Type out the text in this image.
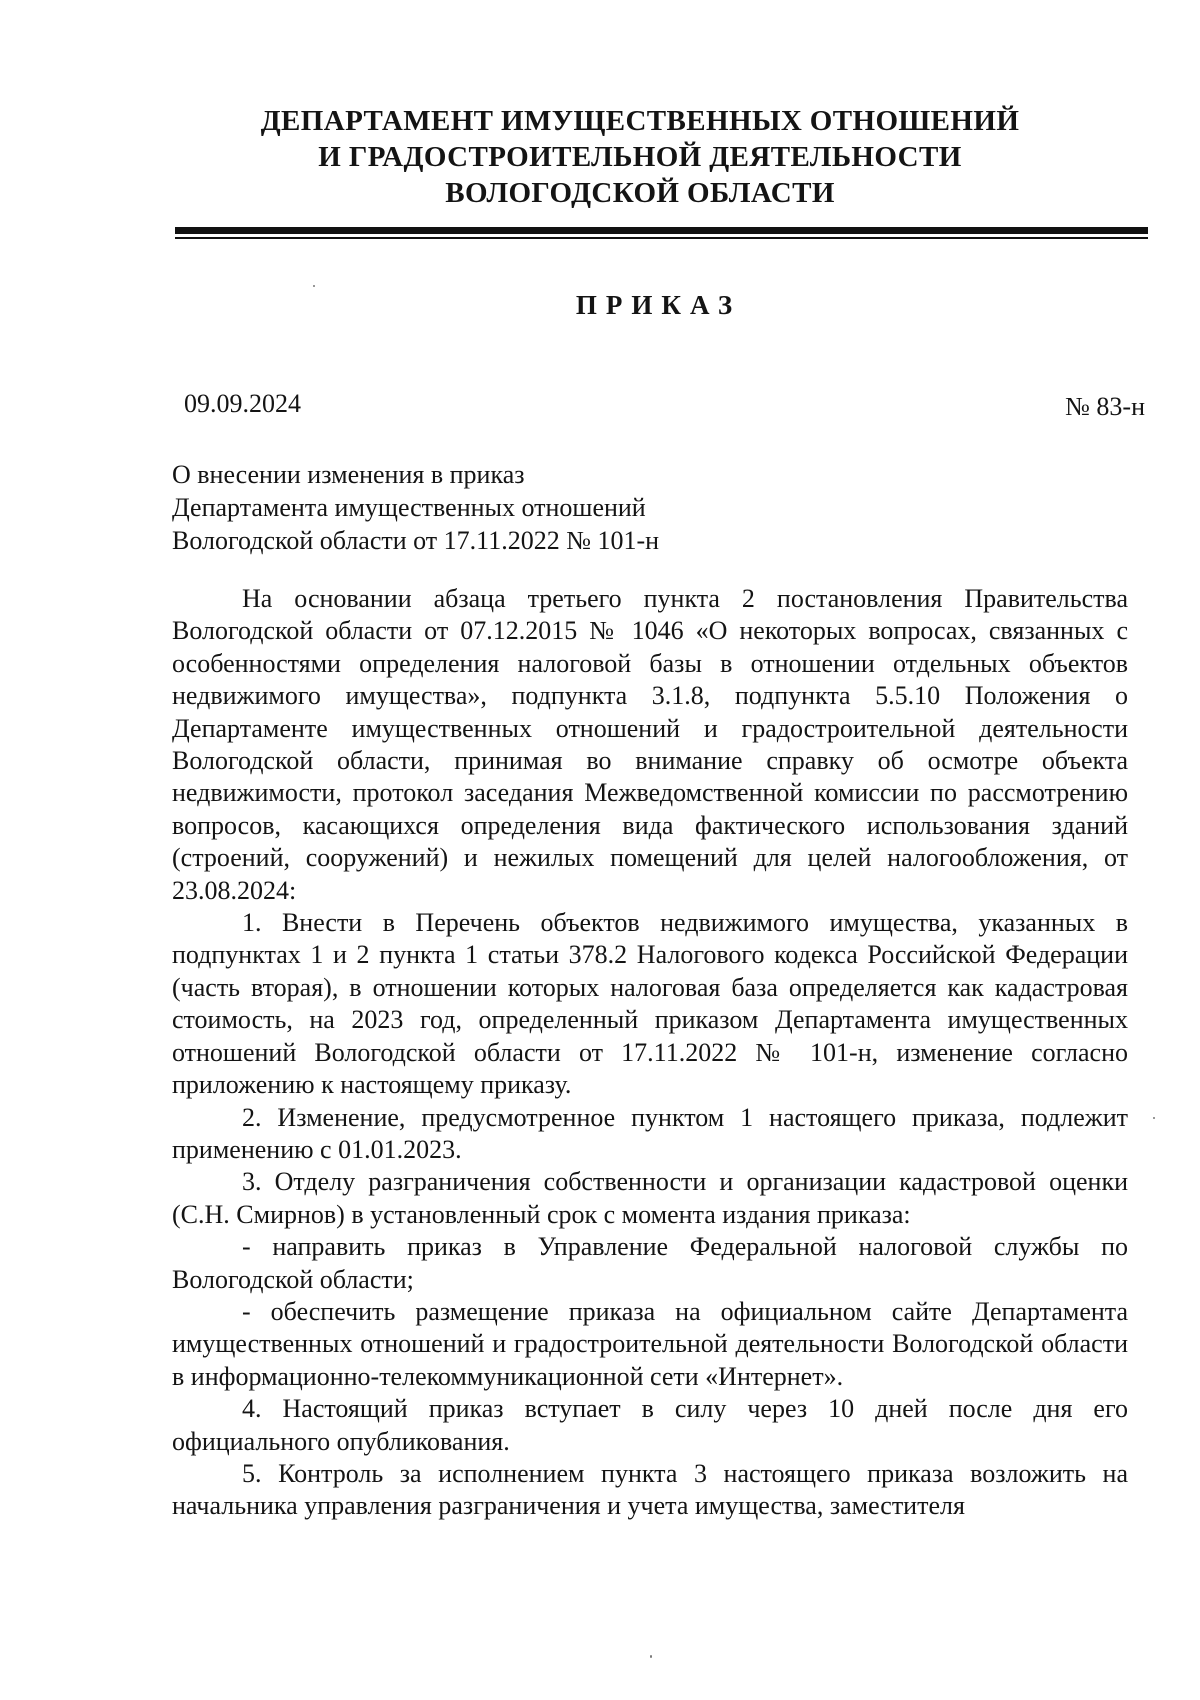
ДЕПАРТАМЕНТ ИМУЩЕСТВЕННЫХ ОТНОШЕНИЙ
И ГРАДОСТРОИТЕЛЬНОЙ ДЕЯТЕЛЬНОСТИ
ВОЛОГОДСКОЙ ОБЛАСТИ
ПРИКАЗ
09.09.2024	№ 83-н
О внесении изменения в приказ
Департамента имущественных отношений
Вологодской области от 17.11.2022 № 101-н

На основании абзаца третьего пункта 2 постановления Правительства Вологодской области от 07.12.2015 № 1046 «О некоторых вопросах, связанных с особенностями определения налоговой базы в отношении отдельных объектов недвижимого имущества», подпункта 3.1.8, подпункта 5.5.10 Положения о Департаменте имущественных отношений и градостроительной деятельности Вологодской области, принимая во внимание справку об осмотре объекта недвижимости, протокол заседания Межведомственной комиссии по рассмотрению вопросов, касающихся определения вида фактического использования зданий (строений, сооружений) и нежилых помещений для целей налогообложения, от 23.08.2024:

1. Внести в Перечень объектов недвижимого имущества, указанных в подпунктах 1 и 2 пункта 1 статьи 378.2 Налогового кодекса Российской Федерации (часть вторая), в отношении которых налоговая база определяется как кадастровая стоимость, на 2023 год, определенный приказом Департамента имущественных отношений Вологодской области от 17.11.2022 № 101-н, изменение согласно приложению к настоящему приказу.

2. Изменение, предусмотренное пунктом 1 настоящего приказа, подлежит применению с 01.01.2023.

3. Отделу разграничения собственности и организации кадастровой оценки (С.Н. Смирнов) в установленный срок с момента издания приказа:

- направить приказ в Управление Федеральной налоговой службы по Вологодской области;

- обеспечить размещение приказа на официальном сайте Департамента имущественных отношений и градостроительной деятельности Вологодской области в информационно-телекоммуникационной сети «Интернет».

4. Настоящий приказ вступает в силу через 10 дней после дня его официального опубликования.

5. Контроль за исполнением пункта 3 настоящего приказа возложить на начальника управления разграничения и учета имущества, заместителя
